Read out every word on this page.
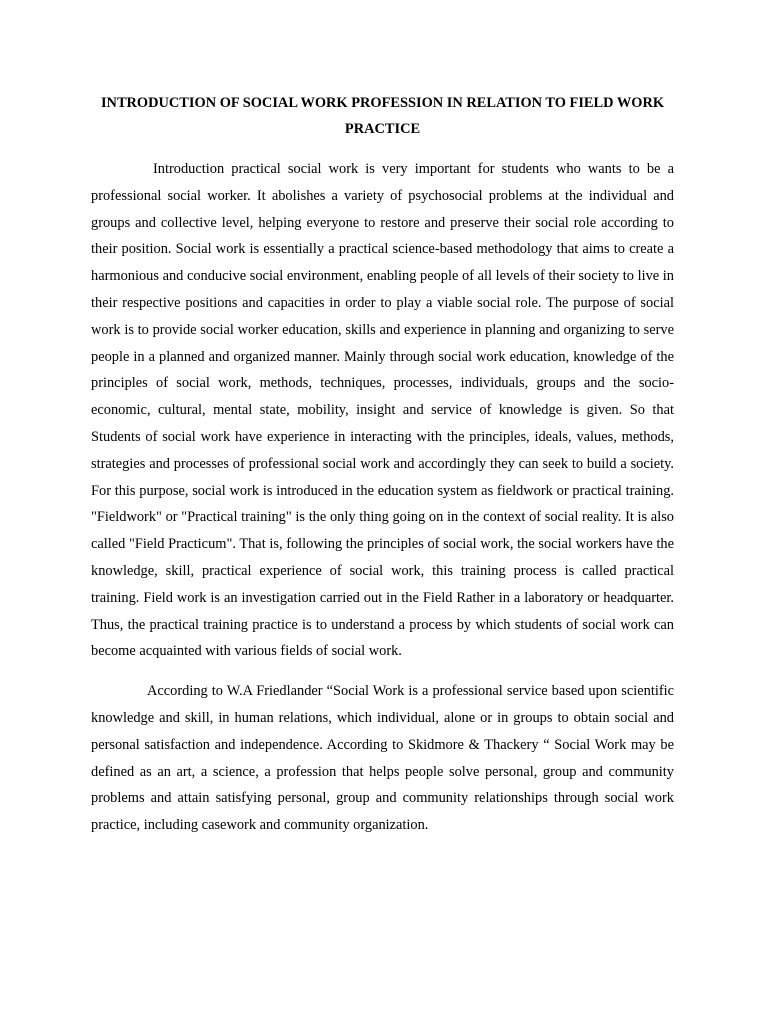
INTRODUCTION OF SOCIAL WORK PROFESSION IN RELATION TO FIELD WORK PRACTICE

Introduction practical social work is very important for students who wants to be a professional social worker. It abolishes a variety of psychosocial problems at the individual and groups and collective level, helping everyone to restore and preserve their social role according to their position. Social work is essentially a practical science-based methodology that aims to create a harmonious and conducive social environment, enabling people of all levels of their society to live in their respective positions and capacities in order to play a viable social role. The purpose of social work is to provide social worker education, skills and experience in planning and organizing to serve people in a planned and organized manner. Mainly through social work education, knowledge of the principles of social work, methods, techniques, processes, individuals, groups and the socio-economic, cultural, mental state, mobility, insight and service of knowledge is given. So that Students of social work have experience in interacting with the principles, ideals, values, methods, strategies and processes of professional social work and accordingly they can seek to build a society. For this purpose, social work is introduced in the education system as fieldwork or practical training. "Fieldwork" or "Practical training" is the only thing going on in the context of social reality. It is also called "Field Practicum". That is, following the principles of social work, the social workers have the knowledge, skill, practical experience of social work, this training process is called practical training. Field work is an investigation carried out in the Field Rather in a laboratory or headquarter. Thus, the practical training practice is to understand a process by which students of social work can become acquainted with various fields of social work.

According to W.A Friedlander “Social Work is a professional service based upon scientific knowledge and skill, in human relations, which individual, alone or in groups to obtain social and personal satisfaction and independence. According to Skidmore & Thackery “ Social Work may be defined as an art, a science, a profession that helps people solve personal, group and community problems and attain satisfying personal, group and community relationships through social work practice, including casework and community organization.
